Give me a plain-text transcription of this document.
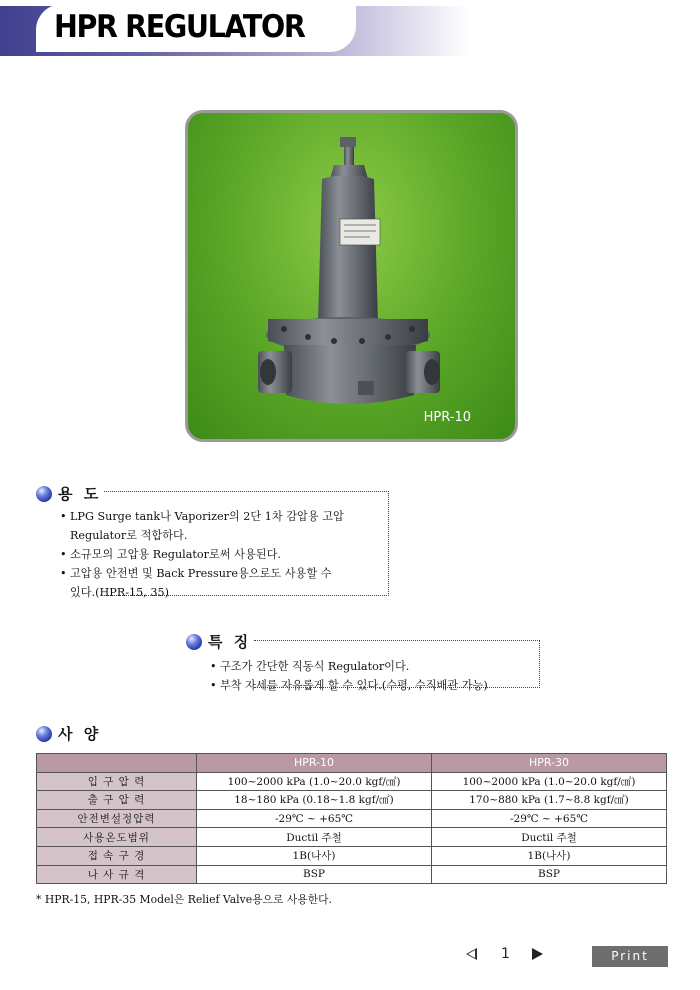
HPR REGULATOR
HPR-10
용 도
• LPG Surge tank나 Vaporizer의 2단 1차 감압용 고압
Regulator로 적합하다.
• 소규모의 고압용 Regulator로써 사용된다.
• 고압용 안전변 및 Back Pressure용으로도 사용할 수
있다.(HPR-15, 35)
특 징
• 구조가 간단한 직동식 Regulator이다.
• 부착 자세를 자유롭게 할 수 있다.(수평, 수직배관 가능)
사 양
	HPR-10	HPR-30
입 구 압 력	100~2000 kPa (1.0~20.0 kgf/㎠)	100~2000 kPa (1.0~20.0 kgf/㎠)
출 구 압 력	18~180 kPa (0.18~1.8 kgf/㎠)	170~880 kPa (1.7~8.8 kgf/㎠)
안전변설정압력	-29℃ ~ +65℃	-29℃ ~ +65℃
사용온도범위	Ductil 주철	Ductil 주철
접 속 구 경	1B(나사)	1B(나사)
나 사 규 격	BSP	BSP
* HPR-15, HPR-35 Model은 Relief Valve용으로 사용한다.
1	Print
